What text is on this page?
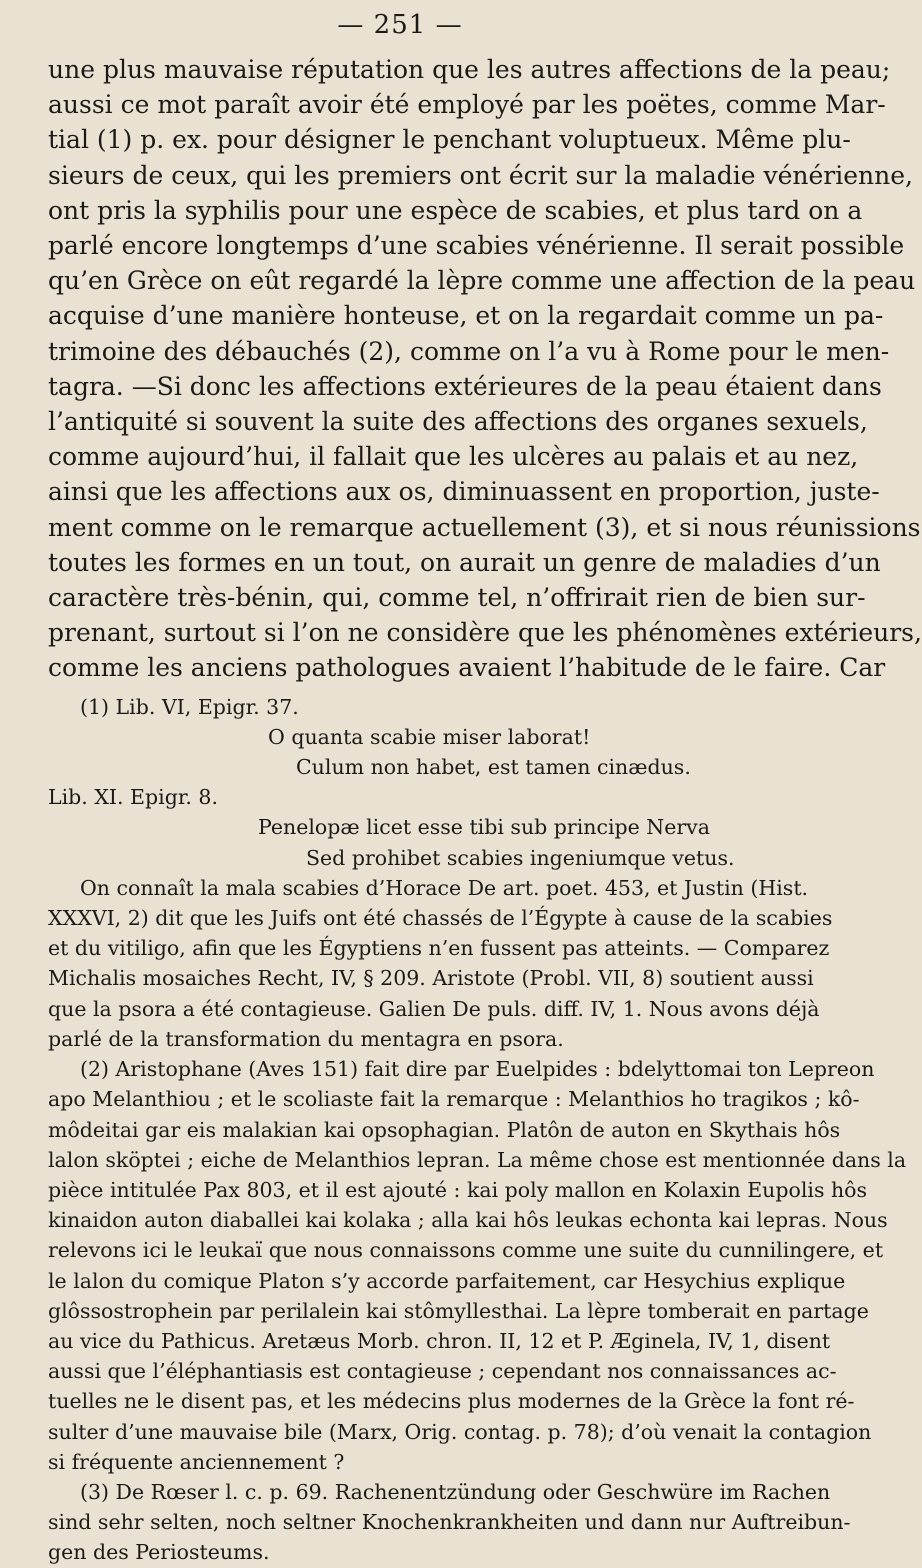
— 251 —
une plus mauvaise réputation que les autres affections de la peau;
aussi ce mot paraît avoir été employé par les poëtes, comme Mar-
tial (1) p. ex. pour désigner le penchant voluptueux. Même plu-
sieurs de ceux, qui les premiers ont écrit sur la maladie vénérienne,
ont pris la syphilis pour une espèce de scabies, et plus tard on a
parlé encore longtemps d’une scabies vénérienne. Il serait possible
qu’en Grèce on eût regardé la lèpre comme une affection de la peau
acquise d’une manière honteuse, et on la regardait comme un pa-
trimoine des débauchés (2), comme on l’a vu à Rome pour le men-
tagra. —Si donc les affections extérieures de la peau étaient dans
l’antiquité si souvent la suite des affections des organes sexuels,
comme aujourd’hui, il fallait que les ulcères au palais et au nez,
ainsi que les affections aux os, diminuassent en proportion, juste-
ment comme on le remarque actuellement (3), et si nous réunissions
toutes les formes en un tout, on aurait un genre de maladies d’un
caractère très-bénin, qui, comme tel, n’offrirait rien de bien sur-
prenant, surtout si l’on ne considère que les phénomènes extérieurs,
comme les anciens pathologues avaient l’habitude de le faire. Car
(1) Lib. VI, Epigr. 37.
O quanta scabie miser laborat!
Culum non habet, est tamen cinædus.
Lib. XI. Epigr. 8.
Penelopæ licet esse tibi sub principe Nerva
Sed prohibet scabies ingeniumque vetus.
On connaît la mala scabies d’Horace De art. poet. 453, et Justin (Hist.
XXXVI, 2) dit que les Juifs ont été chassés de l’Égypte à cause de la scabies
et du vitiligo, afin que les Égyptiens n’en fussent pas atteints. — Comparez
Michalis mosaiches Recht, IV, § 209. Aristote (Probl. VII, 8) soutient aussi
que la psora a été contagieuse. Galien De puls. diff. IV, 1. Nous avons déjà
parlé de la transformation du mentagra en psora.
(2) Aristophane (Aves 151) fait dire par Euelpides : bdelyttomai ton Lepreon
apo Melanthiou ; et le scoliaste fait la remarque : Melanthios ho tragikos ; kô-
môdeitai gar eis malakian kai opsophagian. Platôn de auton en Skythais hôs
lalon sköptei ; eiche de Melanthios lepran. La même chose est mentionnée dans la
pièce intitulée Pax 803, et il est ajouté : kai poly mallon en Kolaxin Eupolis hôs
kinaidon auton diaballei kai kolaka ; alla kai hôs leukas echonta kai lepras. Nous
relevons ici le leukaï que nous connaissons comme une suite du cunnilingere, et
le lalon du comique Platon s’y accorde parfaitement, car Hesychius explique
glôssostrophein par perilalein kai stômyllesthai. La lèpre tomberait en partage
au vice du Pathicus. Aretæus Morb. chron. II, 12 et P. Æginela, IV, 1, disent
aussi que l’éléphantiasis est contagieuse ; cependant nos connaissances ac-
tuelles ne le disent pas, et les médecins plus modernes de la Grèce la font ré-
sulter d’une mauvaise bile (Marx, Orig. contag. p. 78); d’où venait la contagion
si fréquente anciennement ?
(3) De Rœser l. c. p. 69. Rachenentzündung oder Geschwüre im Rachen
sind sehr selten, noch seltner Knochenkrankheiten und dann nur Auftreibun-
gen des Periosteums.
